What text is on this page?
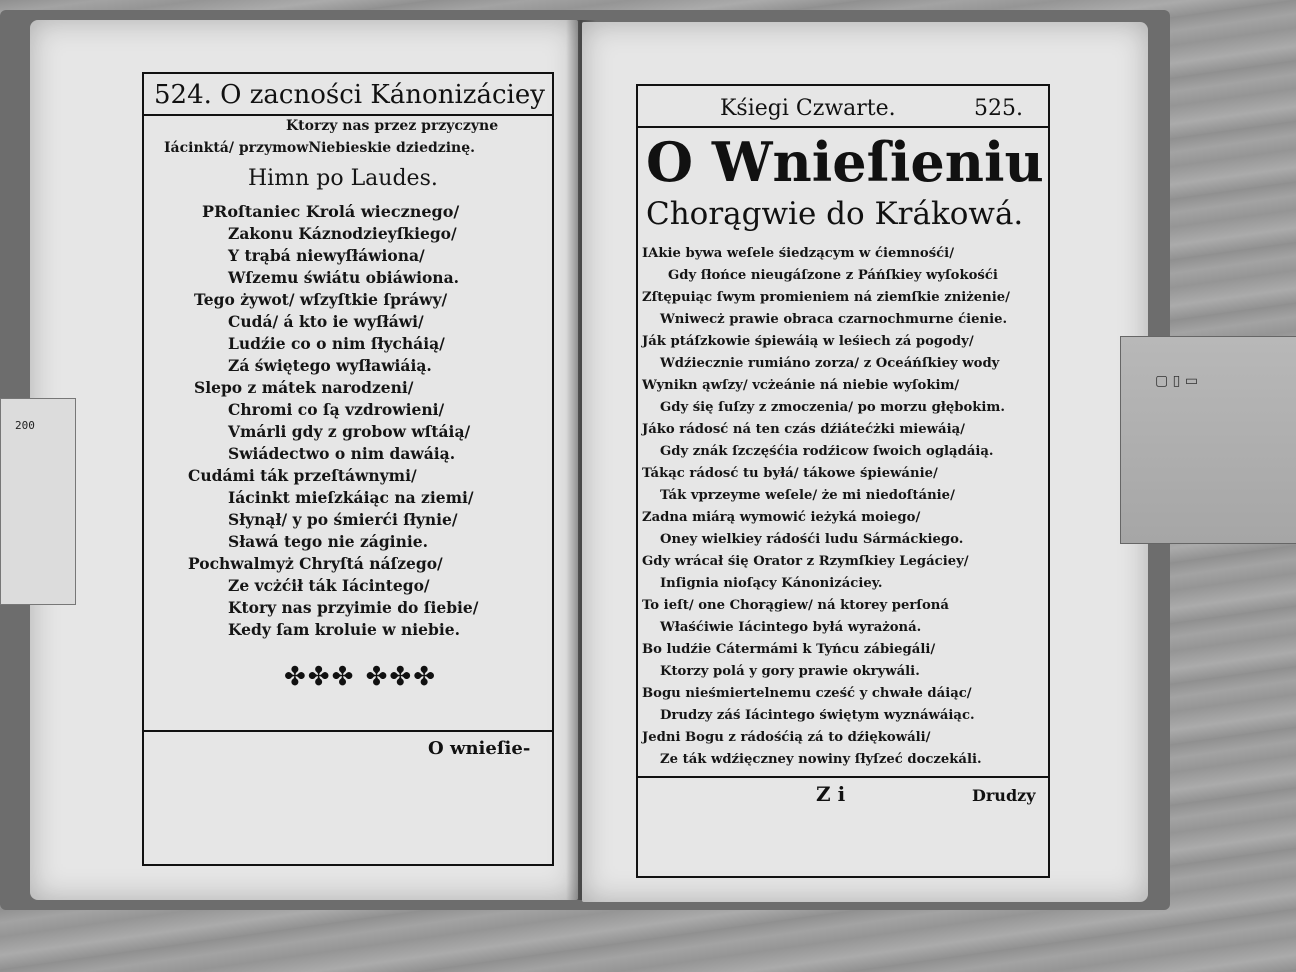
524. O zacności Kánonizáciey
Ktorzy nas przez przyczyne
Iácinktá/ przymowNiebieskie dziedzinę.
Himn po Laudes.
PRoſtaniec Krolá wiecznego/
Zakonu Káznodzieyſkiego/
Y trąbá niewyſłáwiona/
Wſzemu świátu obiáwiona.
Tego żywot/ wſzyſtkie ſpráwy/
Cudá/ á kto ie wyſłáwi/
Ludźie co o nim ſłycháią/
Zá świętego wyſławiáią.
Slepo z mátek narodzeni/
Chromi co ſą vzdrowieni/
Vmárli gdy z grobow wſtáią/
Swiádectwo o nim dawáią.
Cudámi ták przeſtáwnymi/
Iácinkt mieſzkáiąc na ziemi/
Słynął/ y po śmierći ſłynie/
Sławá tego nie záginie.
Pochwalmyż Chryſtá náſzego/
Ze vcżćił ták Iácintego/
Ktory nas przyimie do ſiebie/
Kedy ſam kroluie w niebie.
✤✤✤ ✤✤✤
O wnieſie-
Kśiegi Czwarte.	525.
O Wnieſieniu
Chorągwie do Krákowá.
IAkie bywa weſele śiedzącym w ćiemnośći/
Gdy ſłońce nieugáſzone z Páńſkiey wyſokośći
Zſtępuiąc ſwym promieniem ná ziemſkie zniżenie/
Wniwecż prawie obraca czarnochmurne ćienie.
Ják ptáſzkowie śpiewáią w leśiech zá pogody/
Wdźiecznie rumiáno zorza/ z Oceáńſkiey wody
Wynikn ąwſzy/ vcżeánie ná niebie wyſokim/
Gdy śię ſuſzy z zmoczenia/ po morzu głębokim.
Jáko rádosć ná ten czás dźiátećżki miewáią/
Gdy znák ſzczęśćia rodźicow ſwoich oglądáią.
Tákąc rádosć tu byłá/ tákowe śpiewánie/
Ták vprzeyme weſele/ że mi niedoſtánie/
Zadna miárą wymowić ieżyká moiego/
Oney wielkiey rádośći ludu Sármáckiego.
Gdy wrácał śię Orator z Rzymſkiey Legáciey/
Inſignia nioſący Kánonizáciey.
To ieſt/ one Chorągiew/ ná ktorey perſoná
Właśćiwie Iácintego byłá wyrażoná.
Bo ludźie Cátermámi k Tyńcu zábiegáli/
Ktorzy polá y gory prawie okrywáli.
Bogu nieśmiertelnemu cześć y chwałe dáiąc/
Drudzy záś Iácintego świętym wyznáwáiąc.
Jedni Bogu z rádośćią zá to dźiękowáli/
Ze ták wdźięczney nowiny ſłyſzeć doczekáli.
Z i	Drudzy
200
▢ ▯ ▭
